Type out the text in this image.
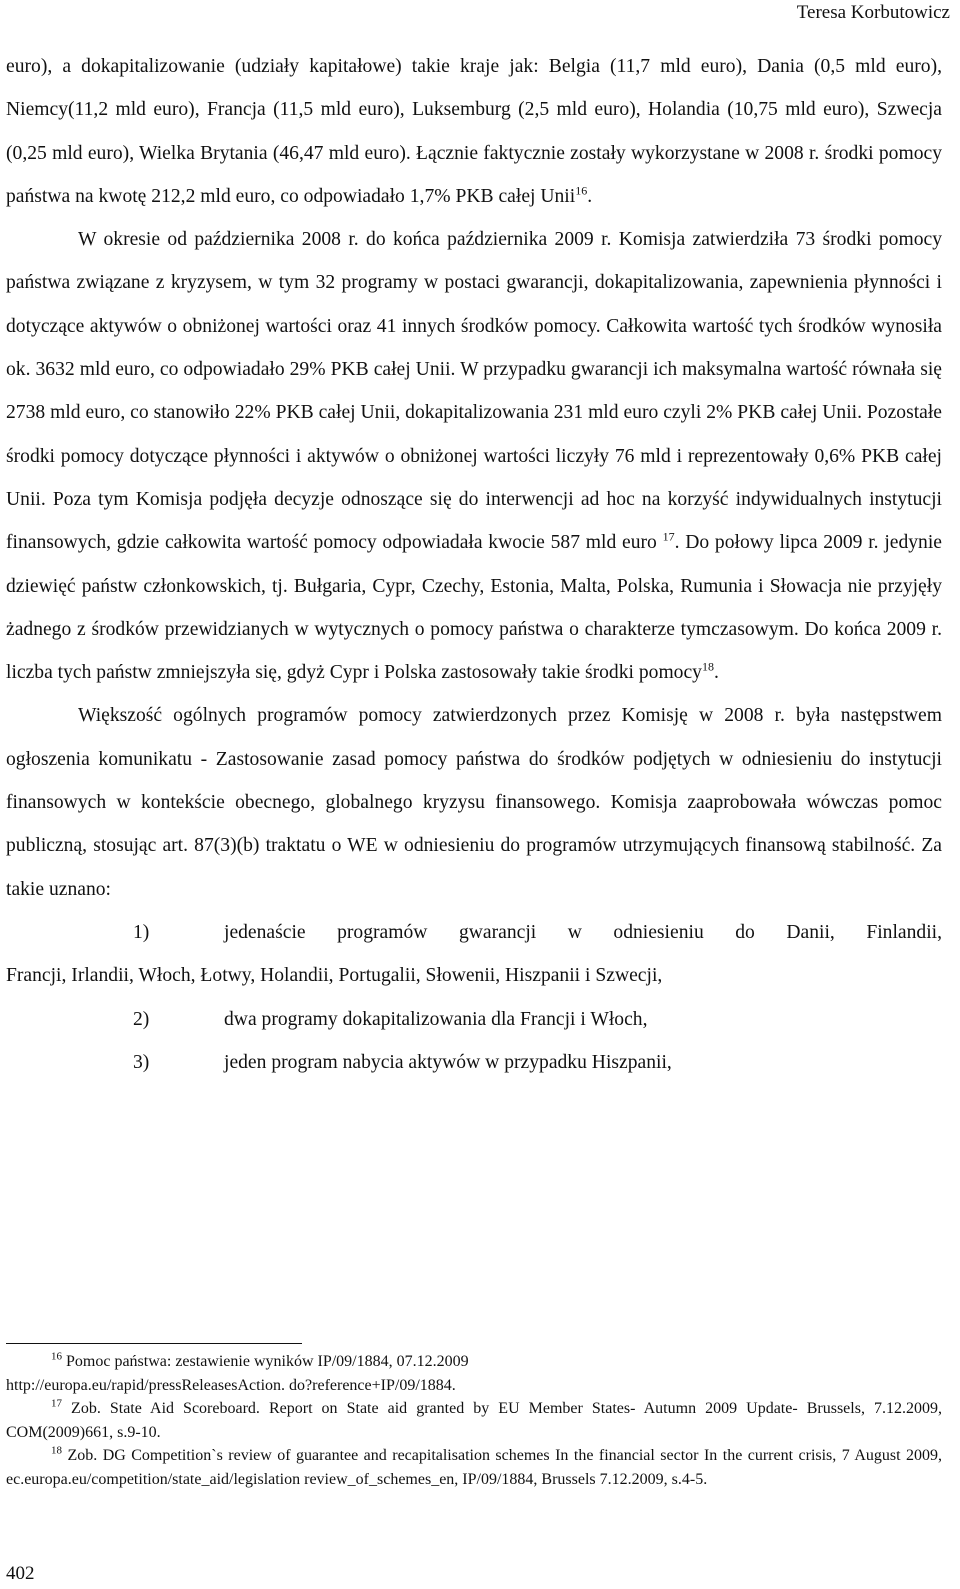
Teresa Korbutowicz

euro), a dokapitalizowanie (udziały kapitałowe) takie kraje jak: Belgia (11,7 mld euro), Dania (0,5 mld euro), Niemcy(11,2 mld euro), Francja (11,5 mld euro), Luksemburg (2,5 mld euro), Holandia (10,75 mld euro), Szwecja (0,25 mld euro), Wielka Brytania (46,47 mld euro). Łącznie faktycznie zostały wykorzystane w 2008 r. środki pomocy państwa na kwotę 212,2 mld euro, co odpowiadało 1,7% PKB całej Unii$^{16}$.

W okresie od października 2008 r. do końca października 2009 r. Komisja zatwierdziła 73 środki pomocy państwa związane z kryzysem, w tym 32 programy w postaci gwarancji, dokapitalizowania, zapewnienia płynności i dotyczące aktywów o obniżonej wartości oraz 41 innych środków pomocy. Całkowita wartość tych środków wynosiła ok. 3632 mld euro, co odpowiadało 29% PKB całej Unii. W przypadku gwarancji ich maksymalna wartość równała się 2738 mld euro, co stanowiło 22% PKB całej Unii, dokapitalizowania 231 mld euro czyli 2% PKB całej Unii. Pozostałe środki pomocy dotyczące płynności i aktywów o obniżonej wartości liczyły 76 mld i reprezentowały 0,6% PKB całej Unii. Poza tym Komisja podjęła decyzje odnoszące się do interwencji ad hoc na korzyść indywidualnych instytucji finansowych, gdzie całkowita wartość pomocy odpowiadała kwocie 587 mld euro $^{17}$. Do połowy lipca 2009 r. jedynie dziewięć państw członkowskich, tj. Bułgaria, Cypr, Czechy, Estonia, Malta, Polska, Rumunia i Słowacja nie przyjęły żadnego z środków przewidzianych w wytycznych o pomocy państwa o charakterze tymczasowym. Do końca 2009 r. liczba tych państw zmniejszyła się, gdyż Cypr i Polska zastosowały takie środki pomocy$^{18}$.

Większość ogólnych programów pomocy zatwierdzonych przez Komisję w 2008 r. była następstwem ogłoszenia komunikatu - Zastosowanie zasad pomocy państwa do środków podjętych w odniesieniu do instytucji finansowych w kontekście obecnego, globalnego kryzysu finansowego. Komisja zaaprobowała wówczas pomoc publiczną, stosując art. 87(3)(b) traktatu o WE w odniesieniu do programów utrzymujących finansową stabilność. Za takie uznano:

1)	jedenaście programów gwarancji w odniesieniu do Danii, Finlandii,
Francji, Irlandii, Włoch, Łotwy, Holandii, Portugalii, Słowenii, Hiszpanii i Szwecji,

2)	dwa programy dokapitalizowania dla Francji i Włoch,

3)	jeden program nabycia aktywów w przypadku Hiszpanii,

$^{16}$ Pomoc państwa: zestawienie wyników IP/09/1884, 07.12.2009

http://europa.eu/rapid/pressReleasesAction. do?reference+IP/09/1884.

$^{17}$ Zob. State Aid Scoreboard. Report on State aid granted by EU Member States- Autumn 2009 Update- Brussels, 7.12.2009, COM(2009)661, s.9-10.

$^{18}$ Zob. DG Competition`s review of guarantee and recapitalisation schemes In the financial sector In the current crisis, 7 August 2009, ec.europa.eu/competition/state_aid/legislation review_of_schemes_en, IP/09/1884, Brussels 7.12.2009, s.4-5.

402
